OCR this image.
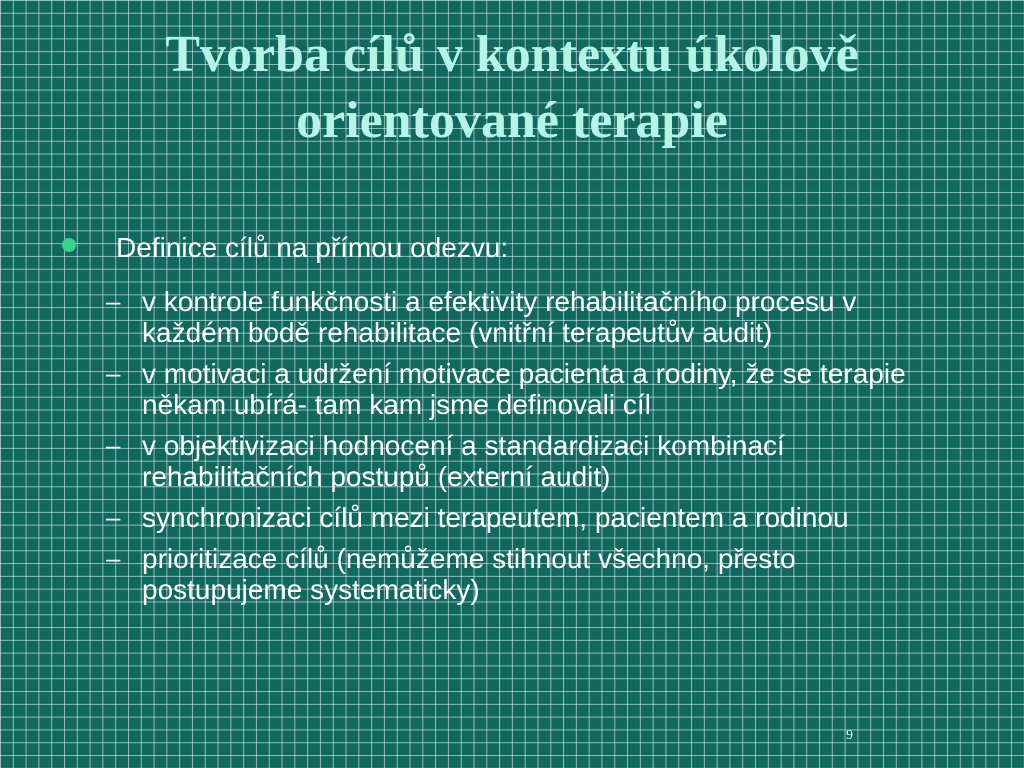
Tvorba cílů v kontextu úkolově orientované terapie
Definice cílů na přímou odezvu:
– v kontrole funkčnosti a efektivity rehabilitačního procesu v každém bodě rehabilitace (vnitřní terapeutův audit)
– v motivaci a udržení motivace pacienta a rodiny, že se terapie někam ubírá- tam kam jsme definovali cíl
– v objektivizaci hodnocení a standardizaci kombinací rehabilitačních postupů (externí audit)
– synchronizaci cílů mezi terapeutem, pacientem a rodinou
– prioritizace cílů (nemůžeme stihnout všechno, přesto postupujeme systematicky)
9
